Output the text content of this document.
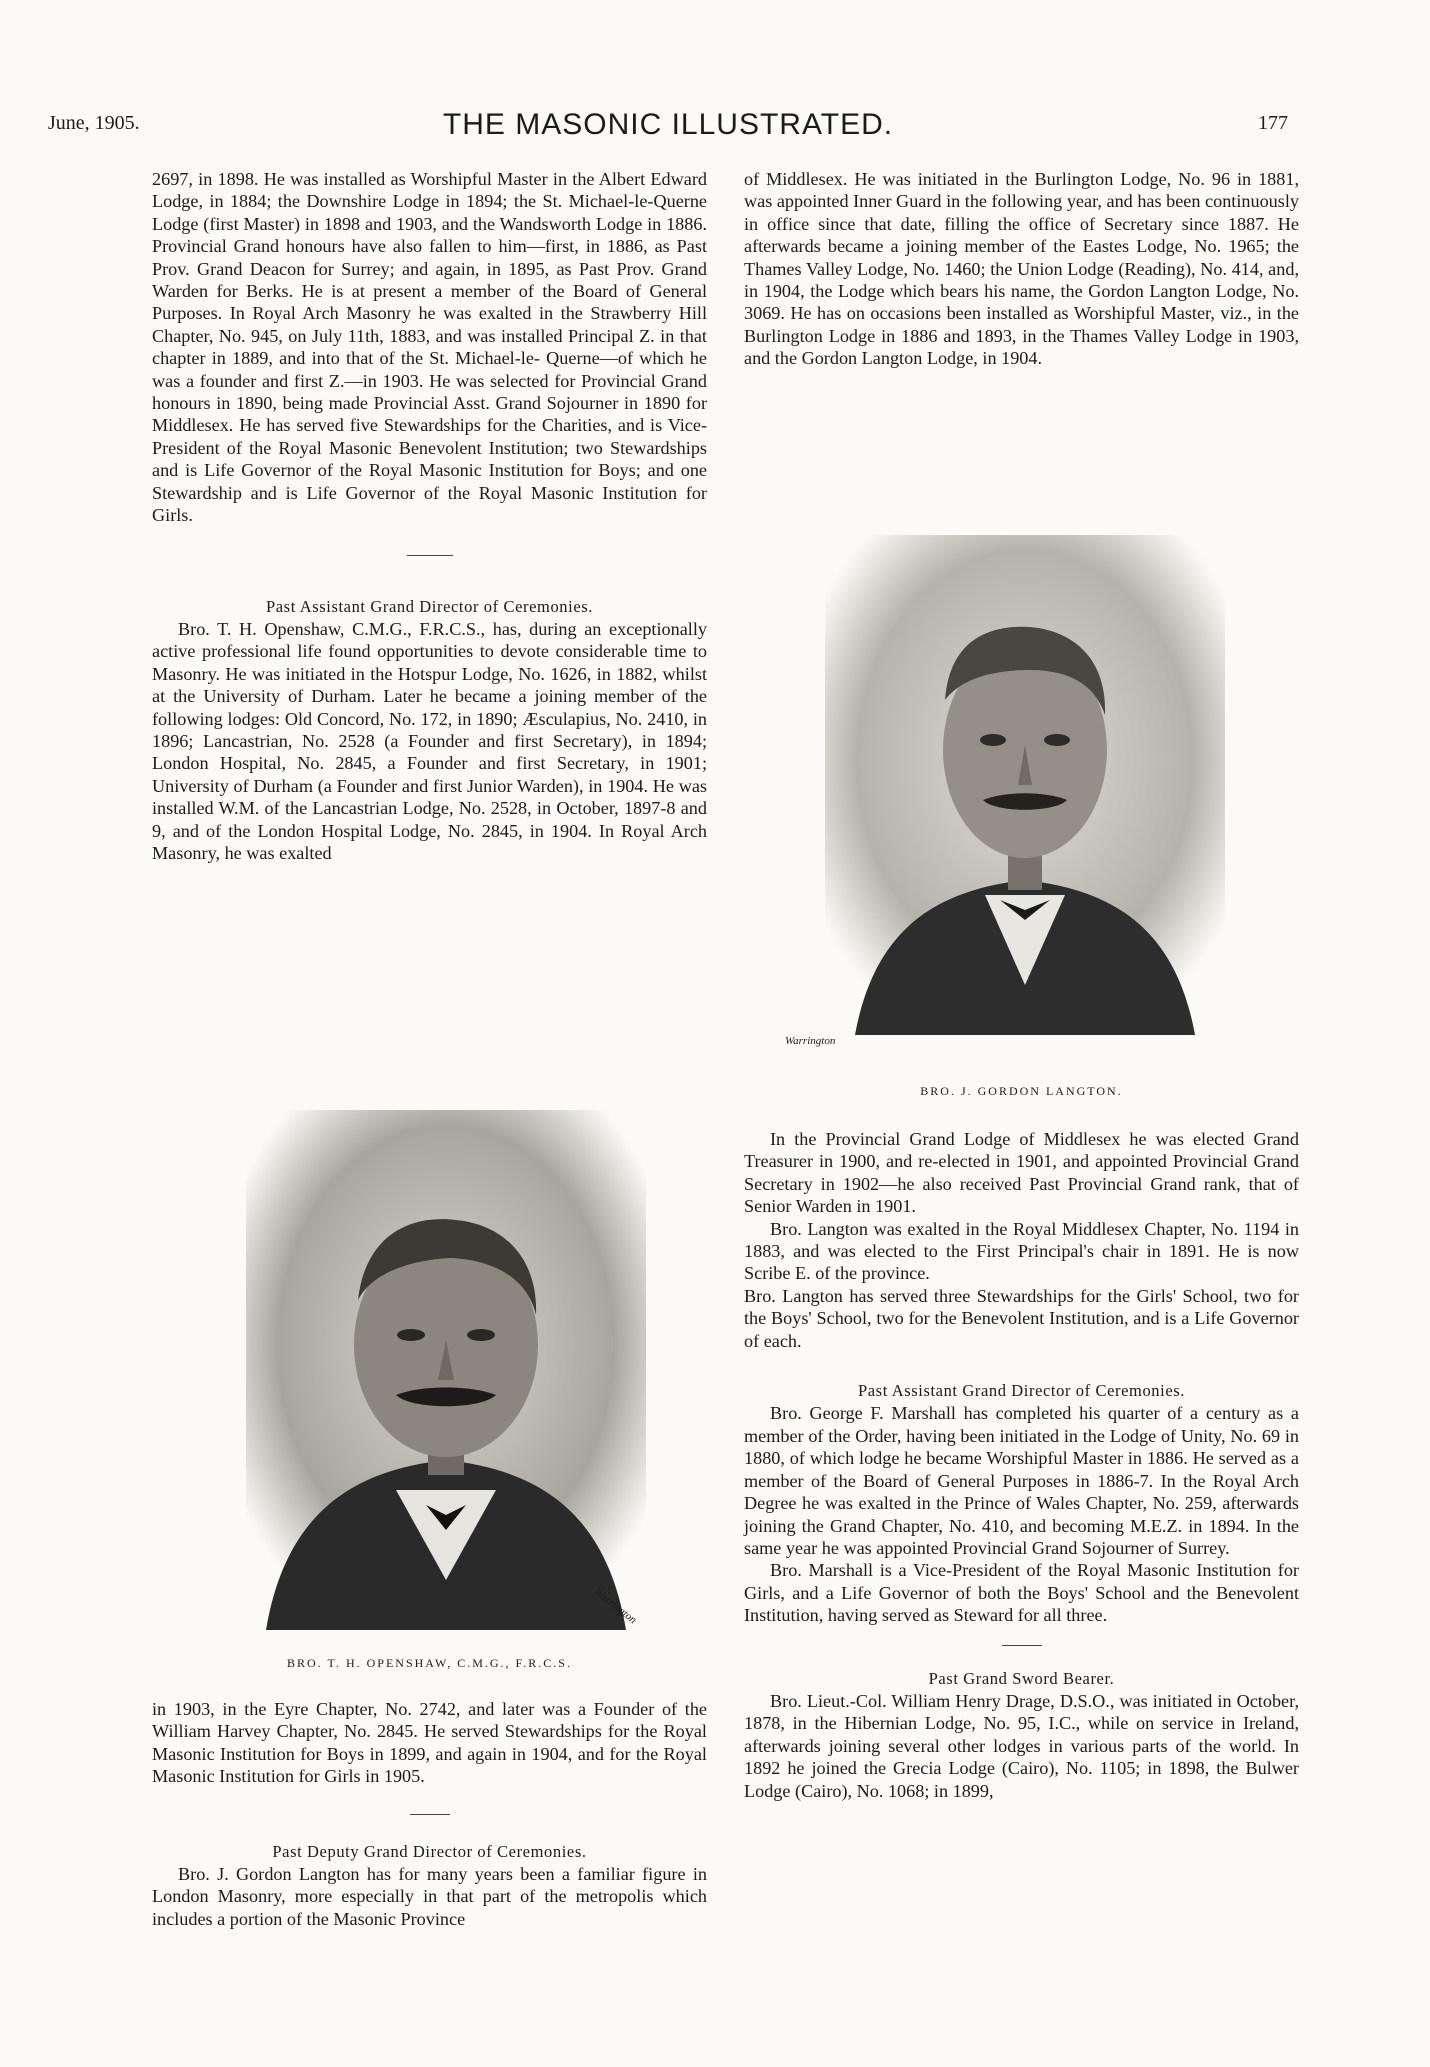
June, 1905.	THE MASONIC ILLUSTRATED.	177

2697, in 1898. He was installed as Worshipful Master in the Albert Edward Lodge, in 1884; the Downshire Lodge in 1894; the St. Michael-le-Querne Lodge (first Master) in 1898 and 1903, and the Wandsworth Lodge in 1886. Provincial Grand honours have also fallen to him—first, in 1886, as Past Prov. Grand Deacon for Surrey; and again, in 1895, as Past Prov. Grand Warden for Berks. He is at present a member of the Board of General Purposes. In Royal Arch Masonry he was exalted in the Strawberry Hill Chapter, No. 945, on July 11th, 1883, and was installed Principal Z. in that chapter in 1889, and into that of the St. Michael-le- Querne—of which he was a founder and first Z.—in 1903. He was selected for Provincial Grand honours in 1890, being made Provincial Asst. Grand Sojourner in 1890 for Middlesex. He has served five Stewardships for the Charities, and is Vice-President of the Royal Masonic Benevolent Institution; two Stewardships and is Life Governor of the Royal Masonic Institution for Boys; and one Stewardship and is Life Governor of the Royal Masonic Institution for Girls.

Past Assistant Grand Director of Ceremonies.

Bro. T. H. Openshaw, C.M.G., F.R.C.S., has, during an exceptionally active professional life found opportunities to devote considerable time to Masonry. He was initiated in the Hotspur Lodge, No. 1626, in 1882, whilst at the University of Durham. Later he became a joining member of the following lodges: Old Concord, No. 172, in 1890; Æsculapius, No. 2410, in 1896; Lancastrian, No. 2528 (a Founder and first Secretary), in 1894; London Hospital, No. 2845, a Founder and first Secretary, in 1901; University of Durham (a Founder and first Junior Warden), in 1904. He was installed W.M. of the Lancastrian Lodge, No. 2528, in October, 1897-8 and 9, and of the London Hospital Lodge, No. 2845, in 1904. In Royal Arch Masonry, he was exalted

Warrington
BRO. T. H. OPENSHAW, C.M.G., F.R.C.S.

in 1903, in the Eyre Chapter, No. 2742, and later was a Founder of the William Harvey Chapter, No. 2845. He served Stewardships for the Royal Masonic Institution for Boys in 1899, and again in 1904, and for the Royal Masonic Institution for Girls in 1905.

Past Deputy Grand Director of Ceremonies.

Bro. J. Gordon Langton has for many years been a familiar figure in London Masonry, more especially in that part of the metropolis which includes a portion of the Masonic Province

of Middlesex. He was initiated in the Burlington Lodge, No. 96 in 1881, was appointed Inner Guard in the following year, and has been continuously in office since that date, filling the office of Secretary since 1887. He afterwards became a joining member of the Eastes Lodge, No. 1965; the Thames Valley Lodge, No. 1460; the Union Lodge (Reading), No. 414, and, in 1904, the Lodge which bears his name, the Gordon Langton Lodge, No. 3069. He has on occasions been installed as Worshipful Master, viz., in the Burlington Lodge in 1886 and 1893, in the Thames Valley Lodge in 1903, and the Gordon Langton Lodge, in 1904.

Warrington
BRO. J. GORDON LANGTON.

In the Provincial Grand Lodge of Middlesex he was elected Grand Treasurer in 1900, and re-elected in 1901, and appointed Provincial Grand Secretary in 1902—he also received Past Provincial Grand rank, that of Senior Warden in 1901.

Bro. Langton was exalted in the Royal Middlesex Chapter, No. 1194 in 1883, and was elected to the First Principal's chair in 1891. He is now Scribe E. of the province.

Bro. Langton has served three Stewardships for the Girls' School, two for the Boys' School, two for the Benevolent Institution, and is a Life Governor of each.

Past Assistant Grand Director of Ceremonies.

Bro. George F. Marshall has completed his quarter of a century as a member of the Order, having been initiated in the Lodge of Unity, No. 69 in 1880, of which lodge he became Worshipful Master in 1886. He served as a member of the Board of General Purposes in 1886-7. In the Royal Arch Degree he was exalted in the Prince of Wales Chapter, No. 259, afterwards joining the Grand Chapter, No. 410, and becoming M.E.Z. in 1894. In the same year he was appointed Provincial Grand Sojourner of Surrey.

Bro. Marshall is a Vice-President of the Royal Masonic Institution for Girls, and a Life Governor of both the Boys' School and the Benevolent Institution, having served as Steward for all three.

Past Grand Sword Bearer.

Bro. Lieut.-Col. William Henry Drage, D.S.O., was initiated in October, 1878, in the Hibernian Lodge, No. 95, I.C., while on service in Ireland, afterwards joining several other lodges in various parts of the world. In 1892 he joined the Grecia Lodge (Cairo), No. 1105; in 1898, the Bulwer Lodge (Cairo), No. 1068; in 1899,
